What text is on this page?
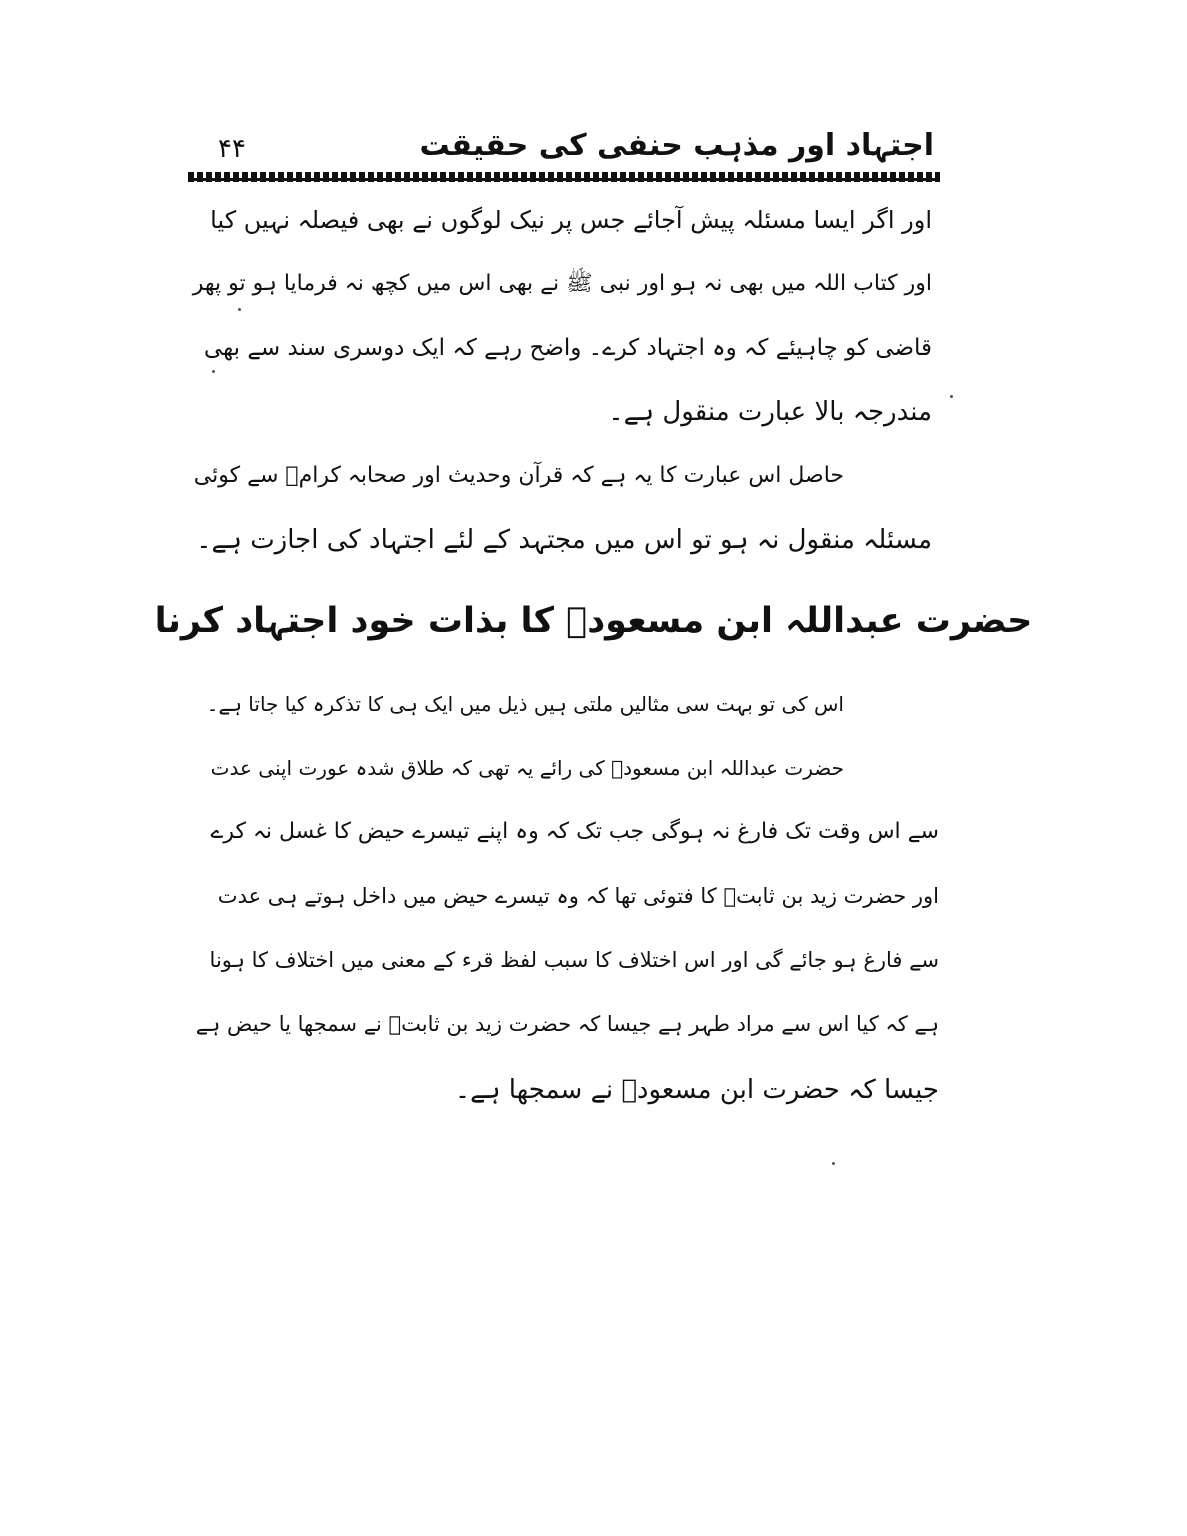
۴۴	اجتہاد اور مذہب حنفی کی حقیقت
اور اگر ایسا مسئلہ پیش آجائے جس پر نیک لوگوں نے بھی فیصلہ نہیں کیا
اور کتاب اللہ میں بھی نہ ہو اور نبی ﷺ نے بھی اس میں کچھ نہ فرمایا ہو تو پھر
قاضی کو چاہیئے کہ وہ اجتہاد کرے۔ واضح رہے کہ ایک دوسری سند سے بھی
مندرجہ بالا عبارت منقول ہے۔
حاصل اس عبارت کا یہ ہے کہ قرآن وحدیث اور صحابہ کرامؓ سے کوئی
مسئلہ منقول نہ ہو تو اس میں مجتہد کے لئے اجتہاد کی اجازت ہے۔
حضرت عبداللہ ابن مسعودؓ کا بذات خود اجتہاد کرنا
اس کی تو بہت سی مثالیں ملتی ہیں ذیل میں ایک ہی کا تذکرہ کیا جاتا ہے۔
حضرت عبداللہ ابن مسعودؓ کی رائے یہ تھی کہ طلاق شدہ عورت اپنی عدت
سے اس وقت تک فارغ نہ ہوگی جب تک کہ وہ اپنے تیسرے حیض کا غسل نہ کرے
اور حضرت زید بن ثابتؓ کا فتوئی تھا کہ وہ تیسرے حیض میں داخل ہوتے ہی عدت
سے فارغ ہو جائے گی اور اس اختلاف کا سبب لفظ قرء کے معنی میں اختلاف کا ہونا
ہے کہ کیا اس سے مراد طہر ہے جیسا کہ حضرت زید بن ثابتؓ نے سمجھا یا حیض ہے
جیسا کہ حضرت ابن مسعودؓ نے سمجھا ہے۔
